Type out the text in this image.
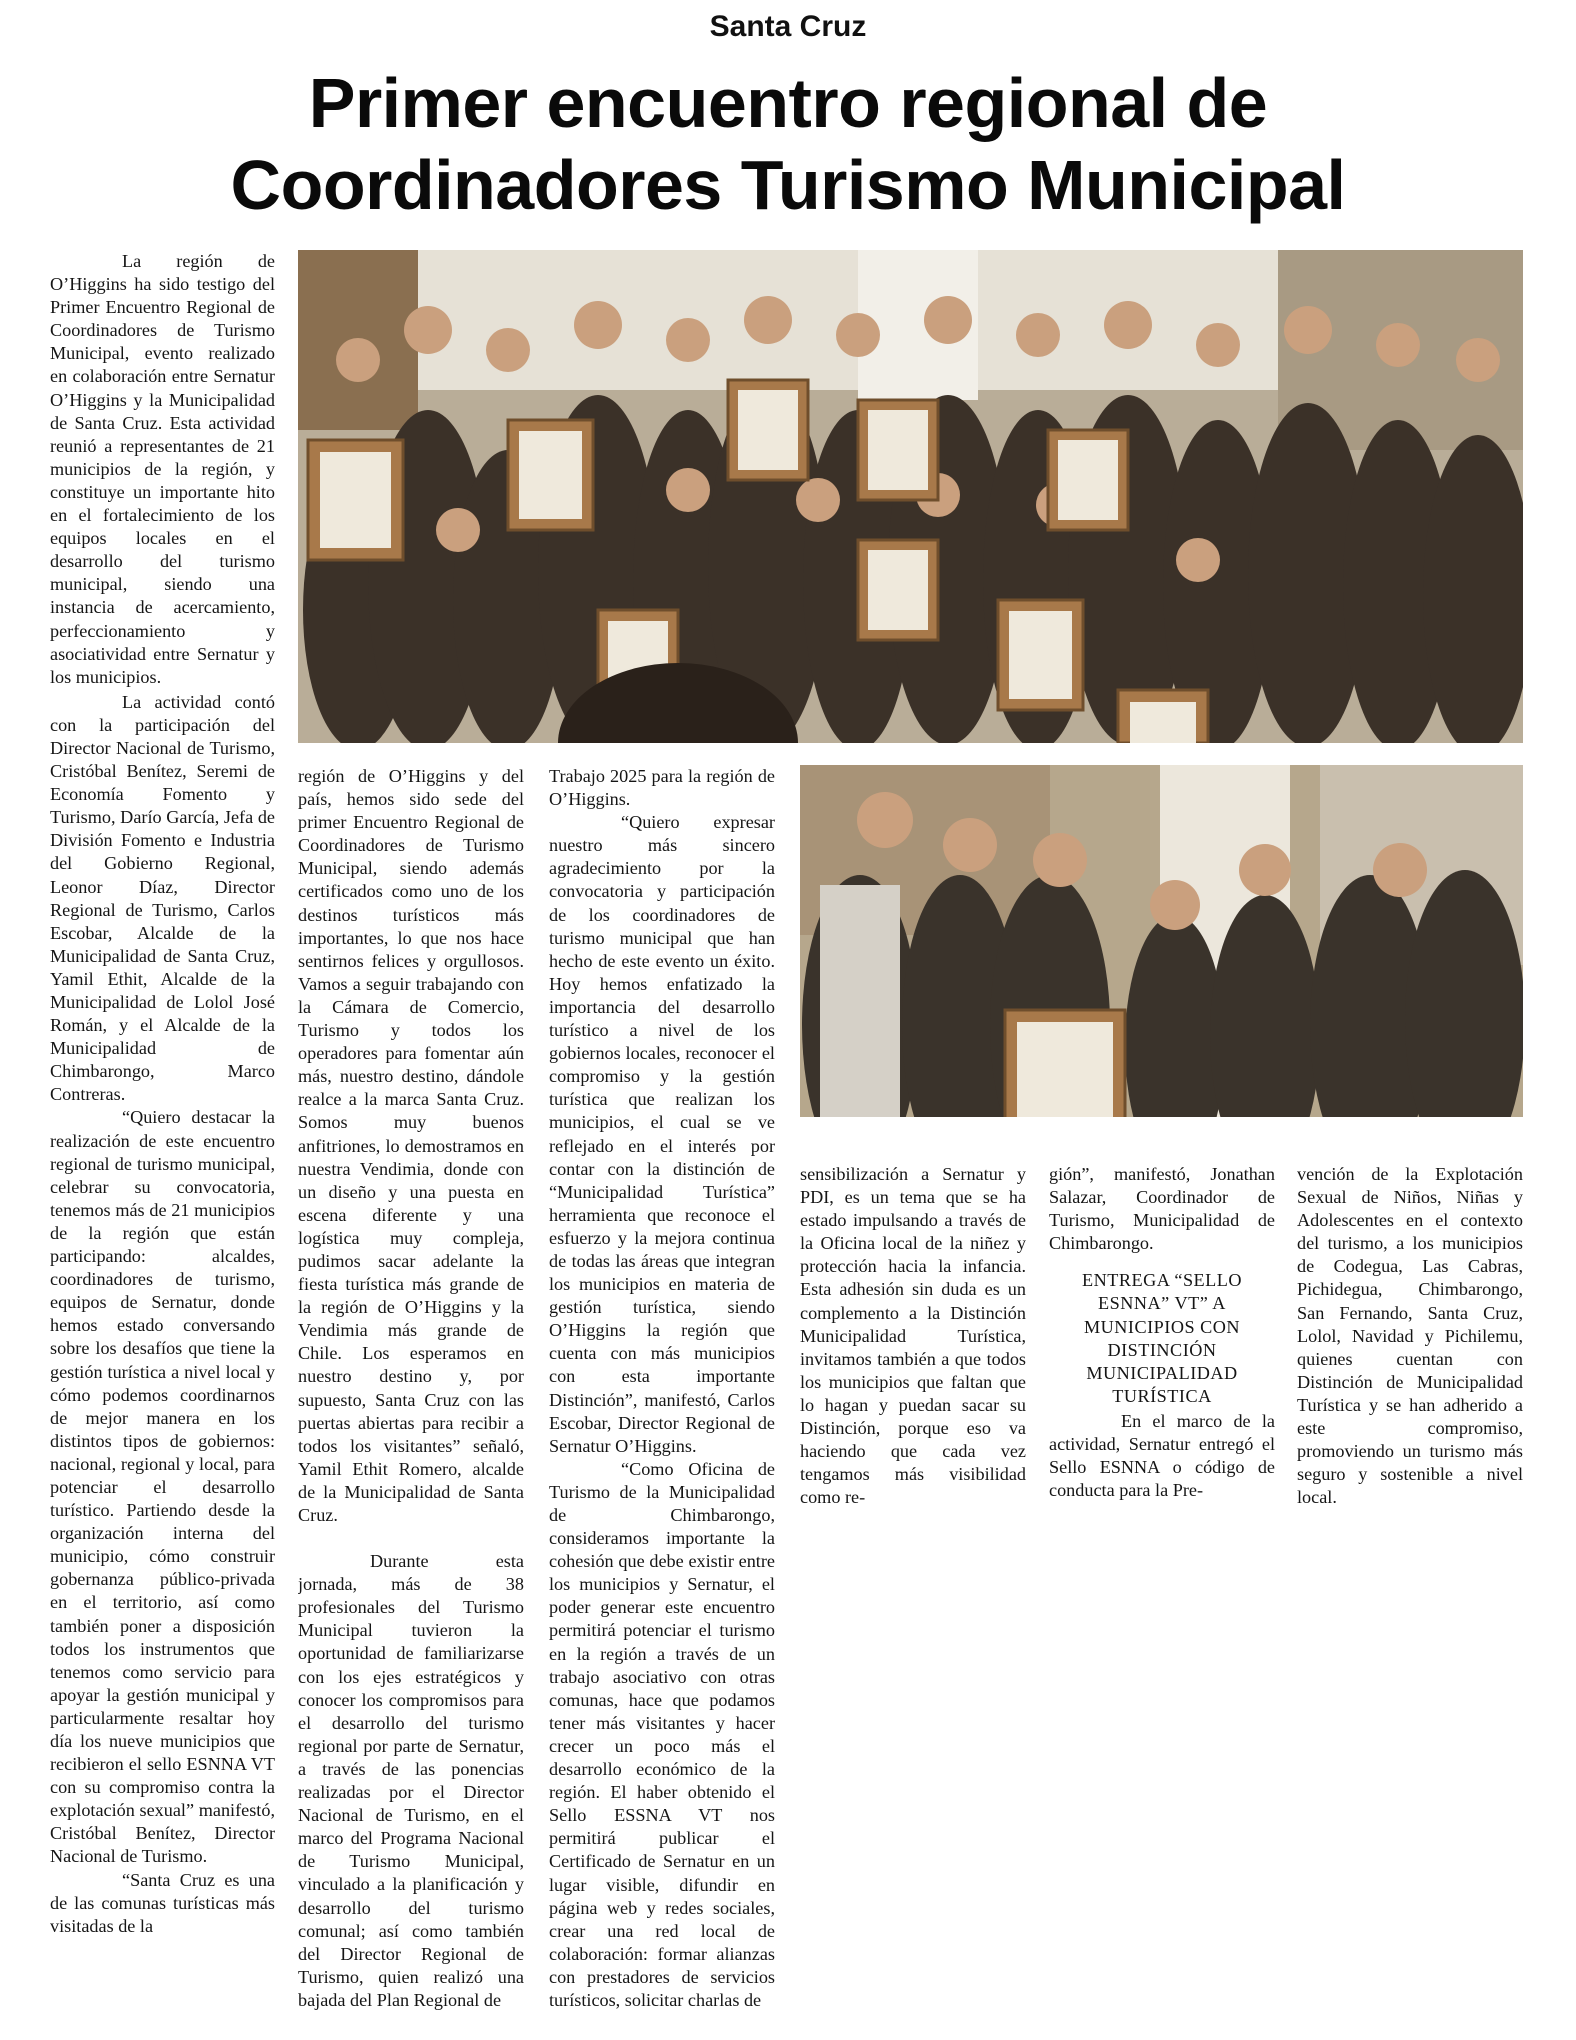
Santa Cruz
Primer encuentro regional de
Coordinadores Turismo Municipal

La región de O’Higgins ha sido testigo del Primer Encuentro Regional de Coordinadores de Turismo Municipal, evento realizado en colaboración entre Sernatur O’Higgins y la Municipalidad de Santa Cruz. Esta actividad reunió a representantes de 21 municipios de la región, y constituye un importante hito en el fortalecimiento de los equipos locales en el desarrollo del turismo municipal, siendo una instancia de acercamiento, perfeccionamiento y asociatividad entre Sernatur y los municipios.

La actividad contó con la participación del Director Nacional de Turismo, Cristóbal Benítez, Seremi de Economía Fomento y Turismo, Darío García, Jefa de División Fomento e Industria del Gobierno Regional, Leonor Díaz, Director Regional de Turismo, Carlos Escobar, Alcalde de la Municipalidad de Santa Cruz, Yamil Ethit, Alcalde de la Municipalidad de Lolol José Román, y el Alcalde de la Municipalidad de Chimbarongo, Marco Contreras.

“Quiero destacar la realización de este encuentro regional de turismo municipal, celebrar su convocatoria, tenemos más de 21 municipios de la región que están participando: alcaldes, coordinadores de turismo, equipos de Sernatur, donde hemos estado conversando sobre los desafíos que tiene la gestión turística a nivel local y cómo podemos coordinarnos de mejor manera en los distintos tipos de gobiernos: nacional, regional y local, para potenciar el desarrollo turístico. Partiendo desde la organización interna del municipio, cómo construir gobernanza público-privada en el territorio, así como también poner a disposición todos los instrumentos que tenemos como servicio para apoyar la gestión municipal y particularmente resaltar hoy día los nueve municipios que recibieron el sello ESNNA VT con su compromiso contra la explotación sexual” manifestó, Cristóbal Benítez, Director Nacional de Turismo.

“Santa Cruz es una de las comunas turísticas más visitadas de la

región de O’Higgins y del país, hemos sido sede del primer Encuentro Regional de Coordinadores de Turismo Municipal, siendo además certificados como uno de los destinos turísticos más importantes, lo que nos hace sentirnos felices y orgullosos. Vamos a seguir trabajando con la Cámara de Comercio, Turismo y todos los operadores para fomentar aún más, nuestro destino, dándole realce a la marca Santa Cruz. Somos muy buenos anfitriones, lo demostramos en nuestra Vendimia, donde con un diseño y una puesta en escena diferente y una logística muy compleja, pudimos sacar adelante la fiesta turística más grande de la región de O’Higgins y la Vendimia más grande de Chile. Los esperamos en nuestro destino y, por supuesto, Santa Cruz con las puertas abiertas para recibir a todos los visitantes” señaló, Yamil Ethit Romero, alcalde de la Municipalidad de Santa Cruz.

Durante esta jornada, más de 38 profesionales del Turismo Municipal tuvieron la oportunidad de familiarizarse con los ejes estratégicos y conocer los compromisos para el desarrollo del turismo regional por parte de Sernatur, a través de las ponencias realizadas por el Director Nacional de Turismo, en el marco del Programa Nacional de Turismo Municipal, vinculado a la planificación y desarrollo del turismo comunal; así como también del Director Regional de Turismo, quien realizó una bajada del Plan Regional de

Trabajo 2025 para la región de O’Higgins.

“Quiero expresar nuestro más sincero agradecimiento por la convocatoria y participación de los coordinadores de turismo municipal que han hecho de este evento un éxito. Hoy hemos enfatizado la importancia del desarrollo turístico a nivel de los gobiernos locales, reconocer el compromiso y la gestión turística que realizan los municipios, el cual se ve reflejado en el interés por contar con la distinción de “Municipalidad Turística” herramienta que reconoce el esfuerzo y la mejora continua de todas las áreas que integran los municipios en materia de gestión turística, siendo O’Higgins la región que cuenta con más municipios con esta importante Distinción”, manifestó, Carlos Escobar, Director Regional de Sernatur O’Higgins.

“Como Oficina de Turismo de la Municipalidad de Chimbarongo, consideramos importante la cohesión que debe existir entre los municipios y Sernatur, el poder generar este encuentro permitirá potenciar el turismo en la región a través de un trabajo asociativo con otras comunas, hace que podamos tener más visitantes y hacer crecer un poco más el desarrollo económico de la región. El haber obtenido el Sello ESSNA VT nos permitirá publicar el Certificado de Sernatur en un lugar visible, difundir en página web y redes sociales, crear una red local de colaboración: formar alianzas con prestadores de servicios turísticos, solicitar charlas de

sensibilización a Sernatur y PDI, es un tema que se ha estado impulsando a través de la Oficina local de la niñez y protección hacia la infancia. Esta adhesión sin duda es un complemento a la Distinción Municipalidad Turística, invitamos también a que todos los municipios que faltan que lo hagan y puedan sacar su Distinción, porque eso va haciendo que cada vez tengamos más visibilidad como re-

gión”, manifestó, Jonathan Salazar, Coordinador de Turismo, Municipalidad de Chimbarongo.

ENTREGA “SELLO ESNNA” VT” A MUNICIPIOS CON DISTINCIÓN MUNICIPALIDAD TURÍSTICA

En el marco de la actividad, Sernatur entregó el Sello ESNNA o código de conducta para la Pre-

vención de la Explotación Sexual de Niños, Niñas y Adolescentes en el contexto del turismo, a los municipios de Codegua, Las Cabras, Pichidegua, Chimbarongo, San Fernando, Santa Cruz, Lolol, Navidad y Pichilemu, quienes cuentan con Distinción de Municipalidad Turística y se han adherido a este compromiso, promoviendo un turismo más seguro y sostenible a nivel local.
